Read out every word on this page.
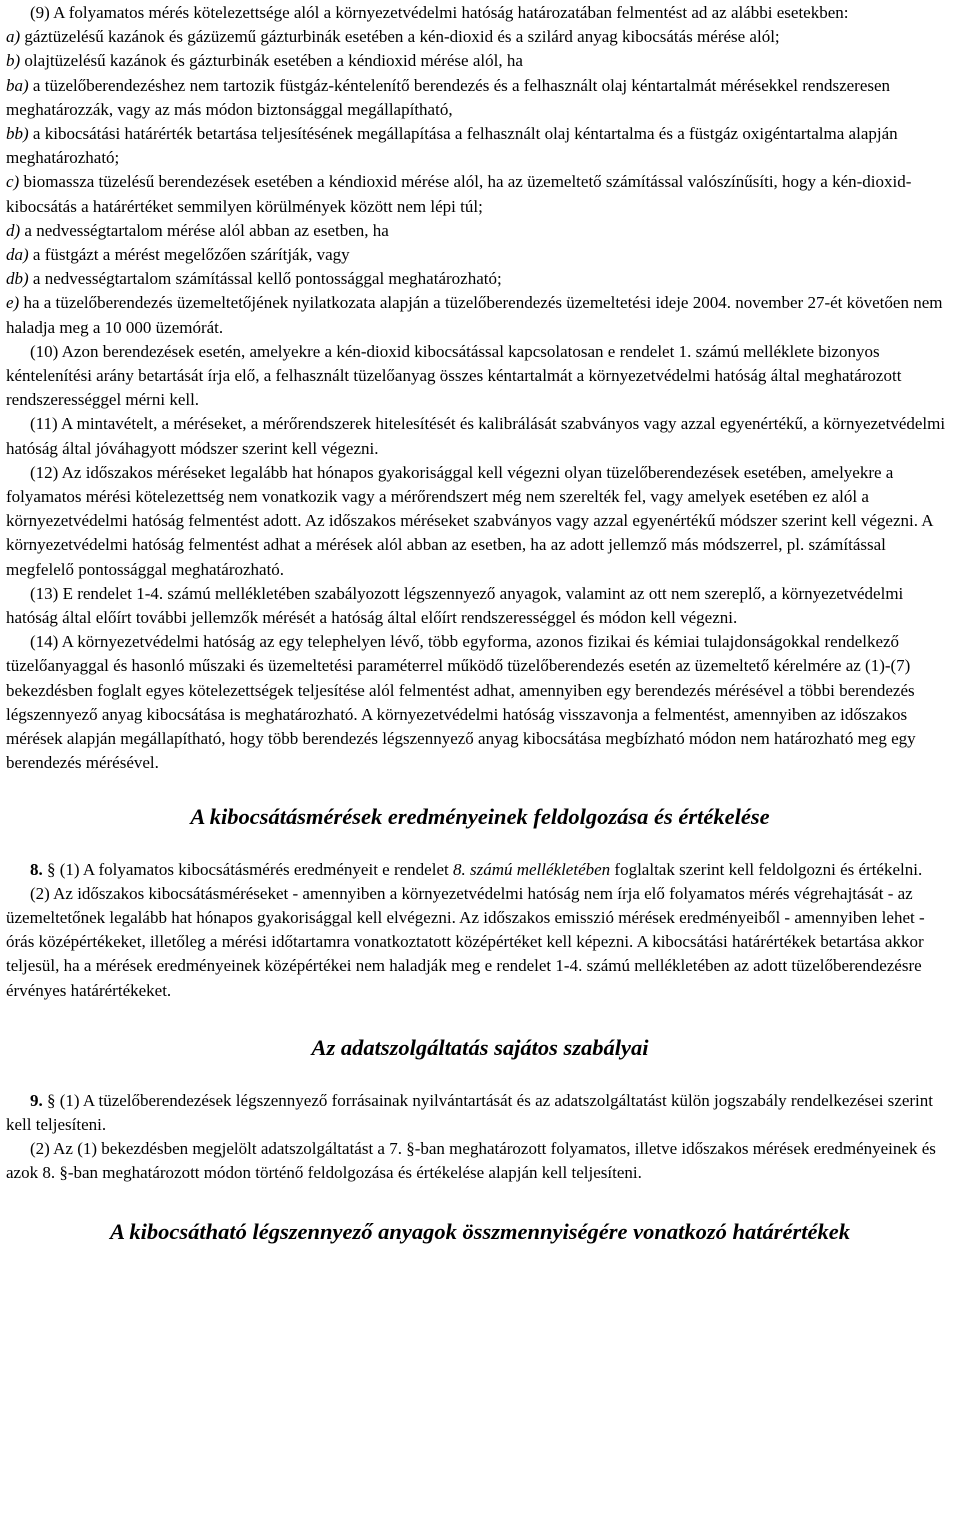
(9) A folyamatos mérés kötelezettsége alól a környezetvédelmi hatóság határozatában felmentést ad az alábbi esetekben:

a) gáztüzelésű kazánok és gázüzemű gázturbinák esetében a kén-dioxid és a szilárd anyag kibocsátás mérése alól;

b) olajtüzelésű kazánok és gázturbinák esetében a kéndioxid mérése alól, ha

ba) a tüzelőberendezéshez nem tartozik füstgáz-kéntelenítő berendezés és a felhasznált olaj kéntartalmát mérésekkel rendszeresen meghatározzák, vagy az más módon biztonsággal megállapítható,

bb) a kibocsátási határérték betartása teljesítésének megállapítása a felhasznált olaj kéntartalma és a füstgáz oxigéntartalma alapján meghatározható;

c) biomassza tüzelésű berendezések esetében a kéndioxid mérése alól, ha az üzemeltető számítással valószínűsíti, hogy a kén-dioxid-kibocsátás a határértéket semmilyen körülmények között nem lépi túl;

d) a nedvességtartalom mérése alól abban az esetben, ha

da) a füstgázt a mérést megelőzően szárítják, vagy

db) a nedvességtartalom számítással kellő pontossággal meghatározható;

e) ha a tüzelőberendezés üzemeltetőjének nyilatkozata alapján a tüzelőberendezés üzemeltetési ideje 2004. november 27-ét követően nem haladja meg a 10 000 üzemórát.

(10) Azon berendezések esetén, amelyekre a kén-dioxid kibocsátással kapcsolatosan e rendelet 1. számú melléklete bizonyos kéntelenítési arány betartását írja elő, a felhasznált tüzelőanyag összes kéntartalmát a környezetvédelmi hatóság által meghatározott rendszerességgel mérni kell.

(11) A mintavételt, a méréseket, a mérőrendszerek hitelesítését és kalibrálását szabványos vagy azzal egyenértékű, a környezetvédelmi hatóság által jóváhagyott módszer szerint kell végezni.

(12) Az időszakos méréseket legalább hat hónapos gyakorisággal kell végezni olyan tüzelőberendezések esetében, amelyekre a folyamatos mérési kötelezettség nem vonatkozik vagy a mérőrendszert még nem szerelték fel, vagy amelyek esetében ez alól a környezetvédelmi hatóság felmentést adott. Az időszakos méréseket szabványos vagy azzal egyenértékű módszer szerint kell végezni. A környezetvédelmi hatóság felmentést adhat a mérések alól abban az esetben, ha az adott jellemző más módszerrel, pl. számítással megfelelő pontossággal meghatározható.

(13) E rendelet 1-4. számú mellékletében szabályozott légszennyező anyagok, valamint az ott nem szereplő, a környezetvédelmi hatóság által előírt további jellemzők mérését a hatóság által előírt rendszerességgel és módon kell végezni.

(14) A környezetvédelmi hatóság az egy telephelyen lévő, több egyforma, azonos fizikai és kémiai tulajdonságokkal rendelkező tüzelőanyaggal és hasonló műszaki és üzemeltetési paraméterrel működő tüzelőberendezés esetén az üzemeltető kérelmére az (1)-(7) bekezdésben foglalt egyes kötelezettségek teljesítése alól felmentést adhat, amennyiben egy berendezés mérésével a többi berendezés légszennyező anyag kibocsátása is meghatározható. A környezetvédelmi hatóság visszavonja a felmentést, amennyiben az időszakos mérések alapján megállapítható, hogy több berendezés légszennyező anyag kibocsátása megbízható módon nem határozható meg egy berendezés mérésével.

A kibocsátásmérések eredményeinek feldolgozása és értékelése

8. § (1) A folyamatos kibocsátásmérés eredményeit e rendelet 8. számú mellékletében foglaltak szerint kell feldolgozni és értékelni.

(2) Az időszakos kibocsátásméréseket - amennyiben a környezetvédelmi hatóság nem írja elő folyamatos mérés végrehajtását - az üzemeltetőnek legalább hat hónapos gyakorisággal kell elvégezni. Az időszakos emisszió mérések eredményeiből - amennyiben lehet - órás középértékeket, illetőleg a mérési időtartamra vonatkoztatott középértéket kell képezni. A kibocsátási határértékek betartása akkor teljesül, ha a mérések eredményeinek középértékei nem haladják meg e rendelet 1-4. számú mellékletében az adott tüzelőberendezésre érvényes határértékeket.

Az adatszolgáltatás sajátos szabályai

9. § (1) A tüzelőberendezések légszennyező forrásainak nyilvántartását és az adatszolgáltatást külön jogszabály rendelkezései szerint kell teljesíteni.

(2) Az (1) bekezdésben megjelölt adatszolgáltatást a 7. §-ban meghatározott folyamatos, illetve időszakos mérések eredményeinek és azok 8. §-ban meghatározott módon történő feldolgozása és értékelése alapján kell teljesíteni.

A kibocsátható légszennyező anyagok összmennyiségére vonatkozó határértékek
